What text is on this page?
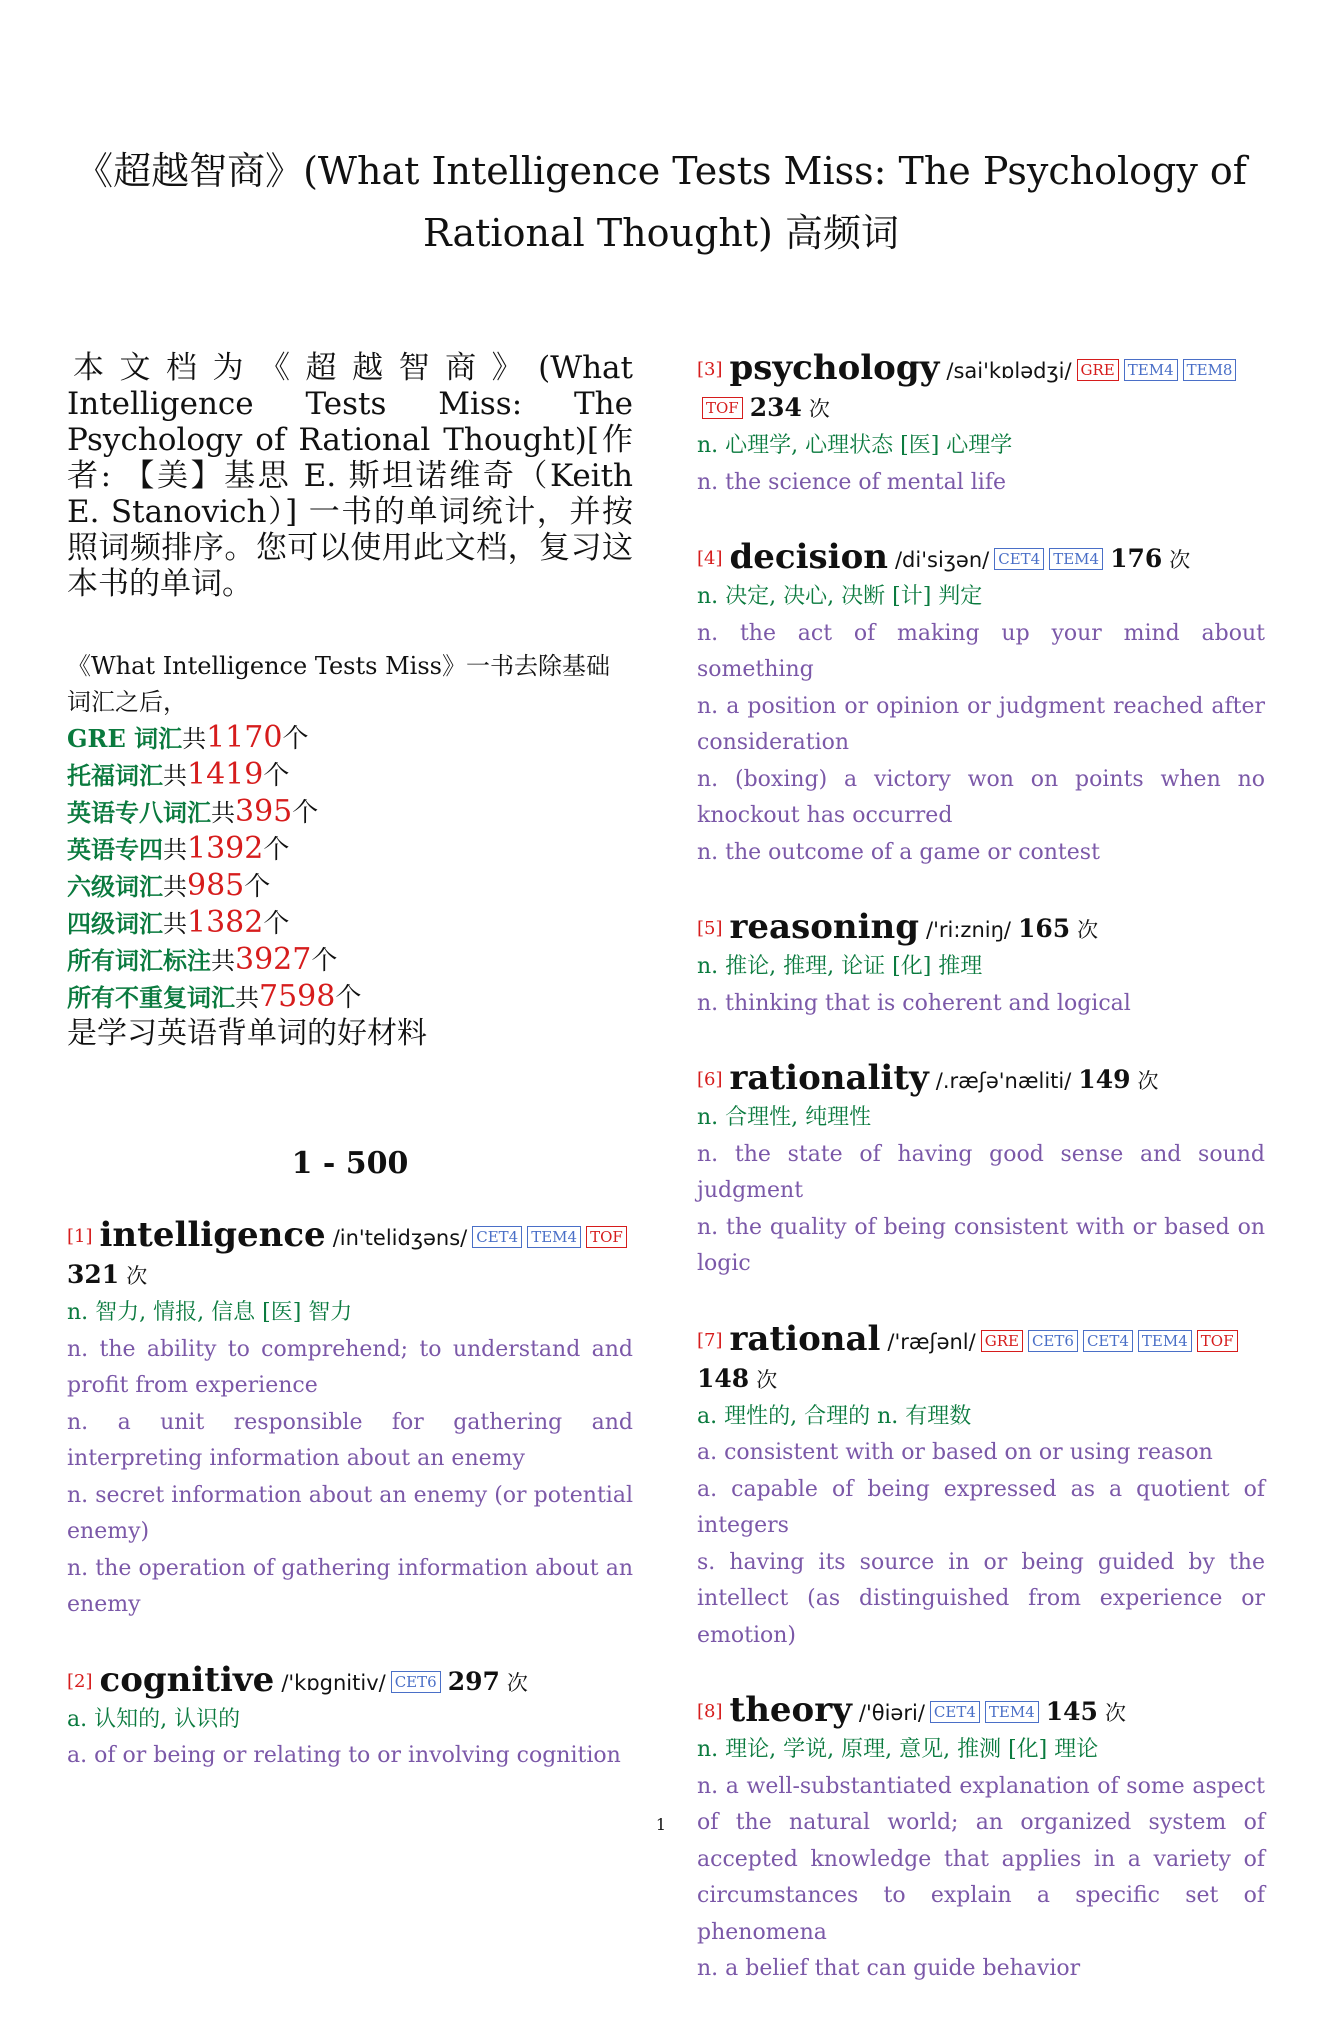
《超越智商》(What Intelligence Tests Miss: The Psychology of
Rational Thought) 高频词
本文档为《超越智商》(What Intelligence Tests Miss: The Psychology of Rational Thought)[作者: 【美】基思 E. 斯坦诺维奇（Keith E. Stanovich）] 一书的单词统计，并按照词频排序。您可以使用此文档，复习这本书的单词。
《What Intelligence Tests Miss》一书去除基础词汇之后，
GRE 词汇共1170个
托福词汇共1419个
英语专八词汇共395个
英语专四共1392个
六级词汇共985个
四级词汇共1382个
所有词汇标注共3927个
所有不重复词汇共7598个
是学习英语背单词的好材料
1 - 500
[1] intelligence /in'telidʒəns/ CET4 TEM4 TOF 321 次
n. 智力, 情报, 信息 [医] 智力
n. the ability to comprehend; to understand and profit from experience
n. a unit responsible for gathering and interpreting information about an enemy
n. secret information about an enemy (or potential enemy)
n. the operation of gathering information about an enemy
[2] cognitive /'kɒgnitiv/ CET6 297 次
a. 认知的, 认识的
a. of or being or relating to or involving cognition
[3] psychology /sai'kɒlədʒi/ GRE TEM4 TEM8TOF 234 次
n. 心理学, 心理状态 [医] 心理学
n. the science of mental life
[4] decision /di'siʒən/ CET4 TEM4 176 次
n. 决定, 决心, 决断 [计] 判定
n. the act of making up your mind about something
n. a position or opinion or judgment reached after consideration
n. (boxing) a victory won on points when no knockout has occurred
n. the outcome of a game or contest
[5] reasoning /'ri:zniŋ/ 165 次
n. 推论, 推理, 论证 [化] 推理
n. thinking that is coherent and logical
[6] rationality /.ræʃə'næliti/ 149 次
n. 合理性, 纯理性
n. the state of having good sense and sound judgment
n. the quality of being consistent with or based on logic
[7] rational /'ræʃənl/ GRE CET6 CET4 TEM4 TOF 148 次
a. 理性的, 合理的 n. 有理数
a. consistent with or based on or using reason
a. capable of being expressed as a quotient of integers
s. having its source in or being guided by the intellect (as distinguished from experience or emotion)
[8] theory /'θiəri/ CET4 TEM4 145 次
n. 理论, 学说, 原理, 意见, 推测 [化] 理论
n. a well-substantiated explanation of some aspect of the natural world; an organized system of accepted knowledge that applies in a variety of circumstances to explain a specific set of phenomena
n. a belief that can guide behavior
1
